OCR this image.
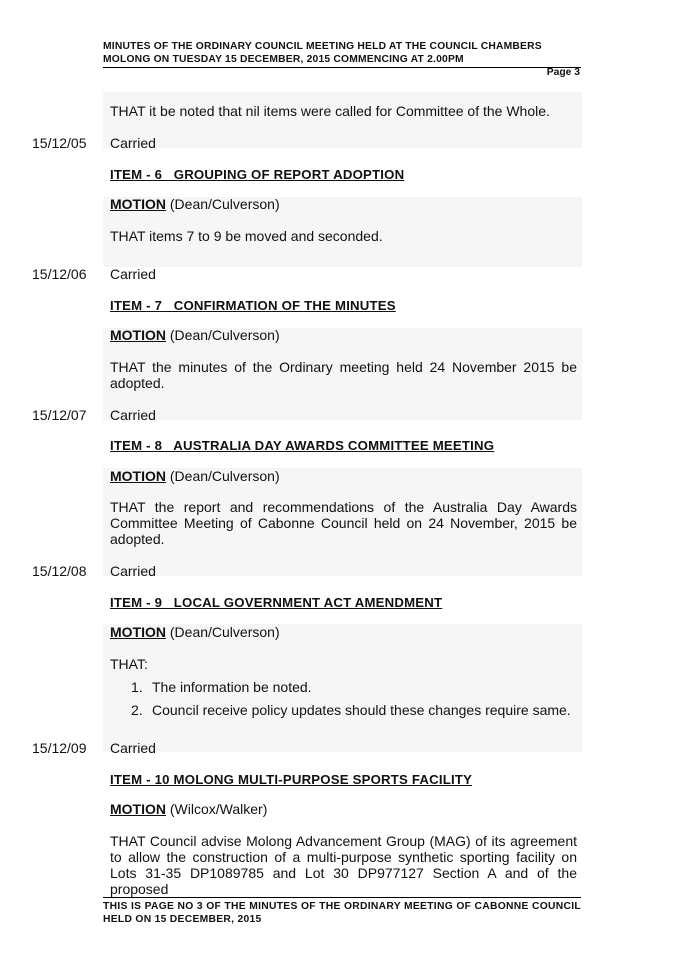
MINUTES OF THE ORDINARY COUNCIL MEETING HELD AT THE COUNCIL CHAMBERS
MOLONG ON TUESDAY 15 DECEMBER, 2015 COMMENCING AT 2.00PM
Page 3

THAT it be noted that nil items were called for Committee of the Whole.

15/12/05 Carried
ITEM - 6   GROUPING OF REPORT ADOPTION
MOTION (Dean/Culverson)

THAT items 7 to 9 be moved and seconded.

15/12/06 Carried
ITEM - 7   CONFIRMATION OF THE MINUTES
MOTION (Dean/Culverson)

THAT the minutes of the Ordinary meeting held 24 November 2015 be adopted.

15/12/07 Carried
ITEM - 8   AUSTRALIA DAY AWARDS COMMITTEE MEETING
MOTION (Dean/Culverson)

THAT the report and recommendations of the Australia Day Awards Committee Meeting of Cabonne Council held on 24 November, 2015 be adopted.

15/12/08 Carried
ITEM - 9   LOCAL GOVERNMENT ACT AMENDMENT
MOTION (Dean/Culverson)

THAT:

1. The information be noted.
2. Council receive policy updates should these changes require same.
15/12/09 Carried
ITEM - 10 MOLONG MULTI-PURPOSE SPORTS FACILITY
MOTION (Wilcox/Walker)

THAT Council advise Molong Advancement Group (MAG) of its agreement to allow the construction of a multi-purpose synthetic sporting facility on Lots 31-35 DP1089785 and Lot 30 DP977127 Section A and of the proposed

THIS IS PAGE NO 3 OF THE MINUTES OF THE ORDINARY MEETING OF CABONNE COUNCIL HELD ON 15 DECEMBER, 2015
